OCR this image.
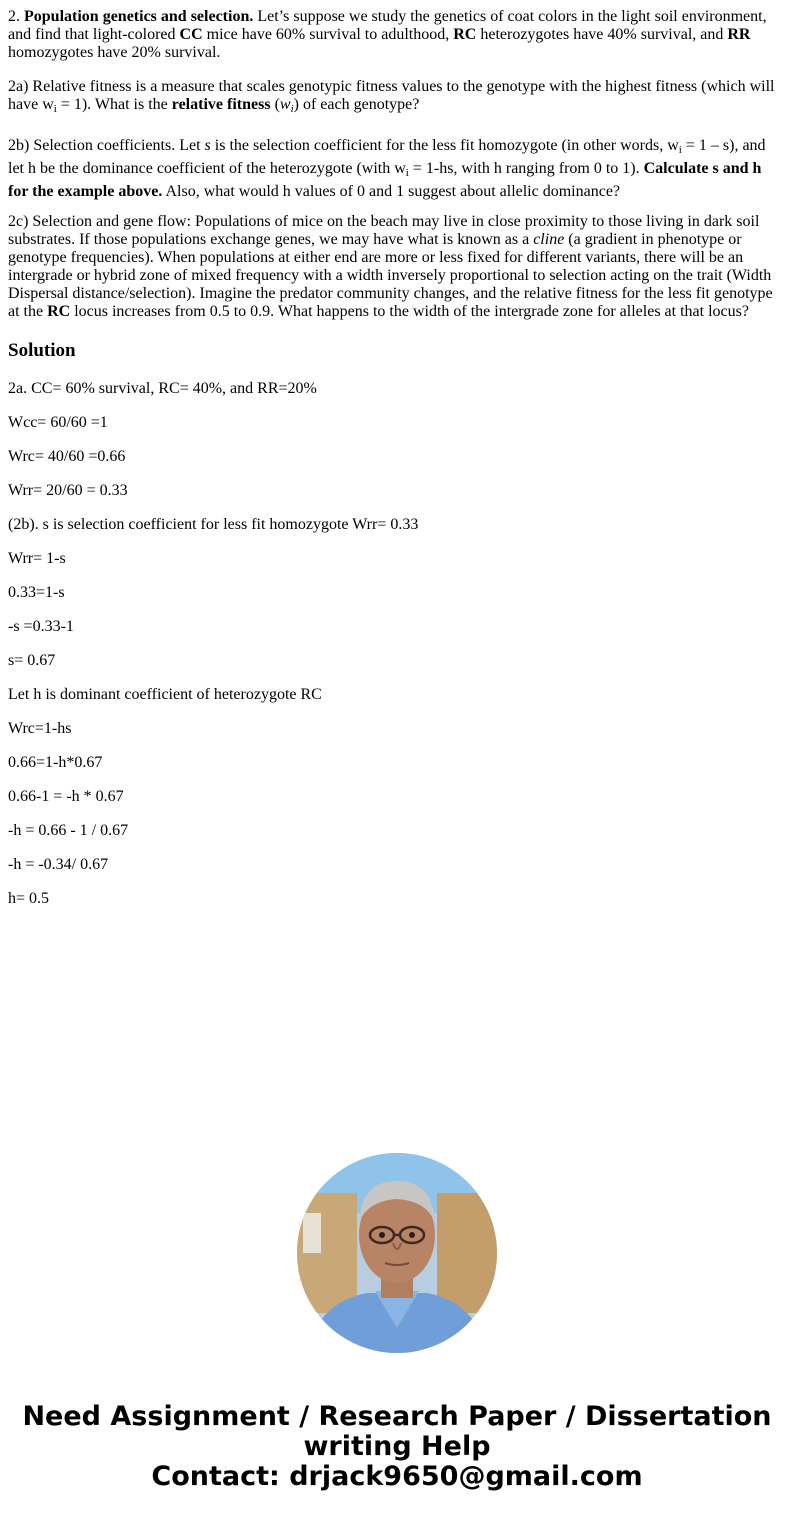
2. Population genetics and selection. Let’s suppose we study the genetics of coat colors in the light soil environment, and find that light-colored CC mice have 60% survival to adulthood, RC heterozygotes have 40% survival, and RR homozygotes have 20% survival.

2a) Relative fitness is a measure that scales genotypic fitness values to the genotype with the highest fitness (which will have $w_i = 1$). What is the relative fitness $(w_i)$ of each genotype?

2b) Selection coefficients. Let s is the selection coefficient for the less fit homozygote (in other words, $w_i = 1 - s$), and let h be the dominance coefficient of the heterozygote (with $w_i = 1-hs$, with h ranging from 0 to 1). Calculate s and h for the example above. Also, what would h values of 0 and 1 suggest about allelic dominance?

2c) Selection and gene flow: Populations of mice on the beach may live in close proximity to those living in dark soil substrates. If those populations exchange genes, we may have what is known as a cline (a gradient in phenotype or genotype frequencies). When populations at either end are more or less fixed for different variants, there will be an intergrade or hybrid zone of mixed frequency with a width inversely proportional to selection acting on the trait (Width Dispersal distance/selection). Imagine the predator community changes, and the relative fitness for the less fit genotype at the RC locus increases from 0.5 to 0.9. What happens to the width of the intergrade zone for alleles at that locus?

Solution

2a. CC= 60% survival, RC= 40%, and RR=20%

Wcc= 60/60 =1

Wrc= 40/60 =0.66

Wrr= 20/60 = 0.33

(2b). s is selection coefficient for less fit homozygote Wrr= 0.33

Wrr= 1-s

0.33=1-s

-s =0.33-1

s= 0.67

Let h is dominant coefficient of heterozygote RC

Wrc=1-hs

0.66=1-h*0.67

0.66-1 = -h * 0.67

-h = 0.66 - 1 / 0.67

-h = -0.34/ 0.67

h= 0.5

Need Assignment / Research Paper / Dissertation
writing Help
Contact: drjack9650@gmail.com
